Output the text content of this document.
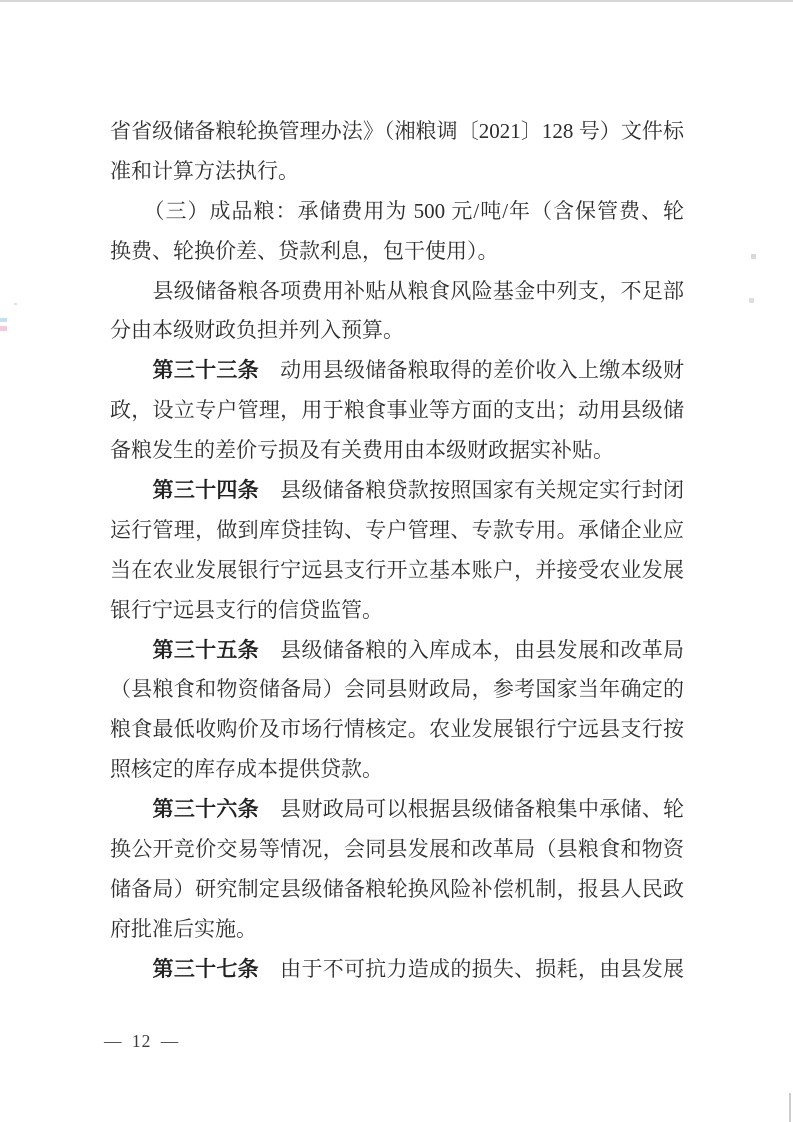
省省级储备粮轮换管理办法》（湘粮调〔2021〕128 号）文件标
准和计算方法执行。
　　（三）成品粮：承储费用为 500 元/吨/年（含保管费、轮
换费、轮换价差、贷款利息，包干使用）。
　　县级储备粮各项费用补贴从粮食风险基金中列支，不足部
分由本级财政负担并列入预算。
　　第三十三条　动用县级储备粮取得的差价收入上缴本级财
政，设立专户管理，用于粮食事业等方面的支出；动用县级储
备粮发生的差价亏损及有关费用由本级财政据实补贴。
　　第三十四条　县级储备粮贷款按照国家有关规定实行封闭
运行管理，做到库贷挂钩、专户管理、专款专用。承储企业应
当在农业发展银行宁远县支行开立基本账户，并接受农业发展
银行宁远县支行的信贷监管。
　　第三十五条　县级储备粮的入库成本，由县发展和改革局
（县粮食和物资储备局）会同县财政局，参考国家当年确定的
粮食最低收购价及市场行情核定。农业发展银行宁远县支行按
照核定的库存成本提供贷款。
　　第三十六条　县财政局可以根据县级储备粮集中承储、轮
换公开竞价交易等情况，会同县发展和改革局（县粮食和物资
储备局）研究制定县级储备粮轮换风险补偿机制，报县人民政
府批准后实施。
　　第三十七条　由于不可抗力造成的损失、损耗，由县发展
— 12 —
